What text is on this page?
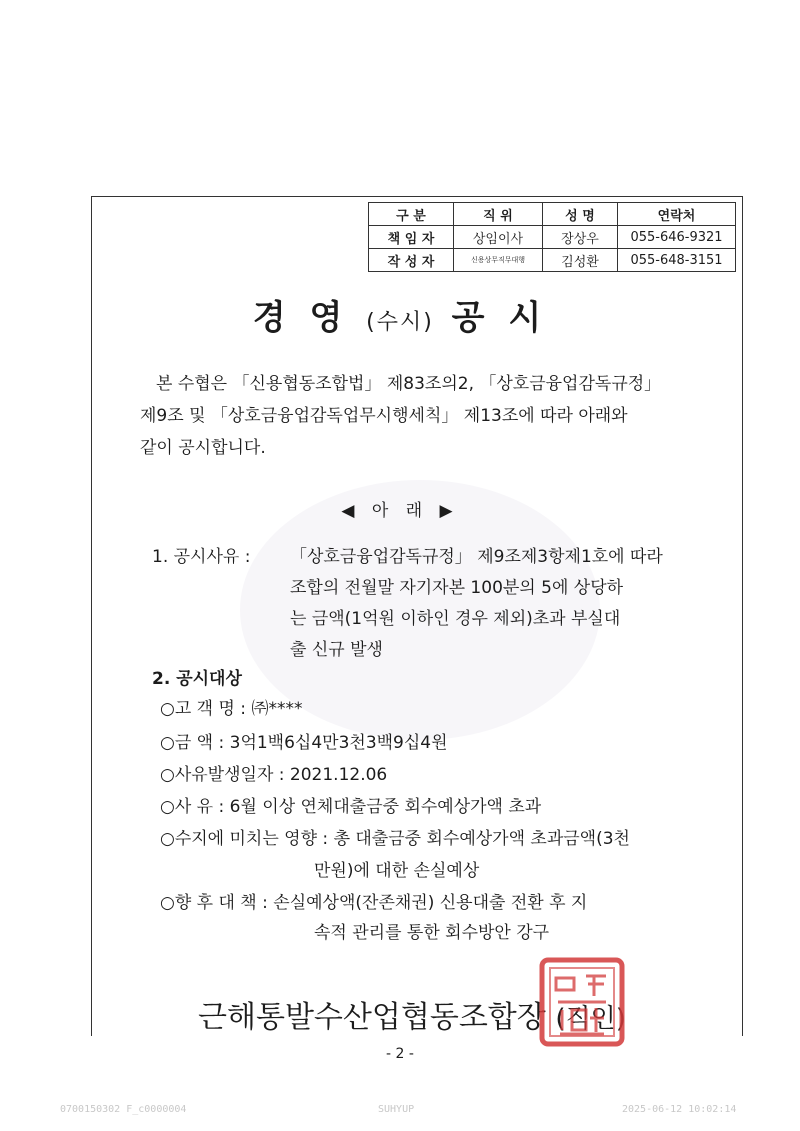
구 분	직 위	성 명	연락처
책 임 자	상임이사	장상우	055-646-9321
작 성 자	신용상무직무대행	김성환	055-648-3151
경 영 (수시) 공 시

본 수협은 「신용협동조합법」 제83조의2, 「상호금융업감독규정」

제9조 및 「상호금융업감독업무시행세칙」 제13조에 따라 아래와

같이 공시합니다.

◀ 아 래 ▶
1. 공시사유 : 「상호금융업감독규정」 제9조제3항제1호에 따라

조합의 전월말 자기자본 100분의 5에 상당하

는 금액(1억원 이하인 경우 제외)초과 부실대

출 신규 발생

2. 공시대상
○고 객 명 : ㈜****
○금 액 : 3억1백6십4만3천3백9십4원
○사유발생일자 : 2021.12.06
○사 유 : 6월 이상 연체대출금중 회수예상가액 초과
○수지에 미치는 영향 : 총 대출금중 회수예상가액 초과금액(3천
만원)에 대한 손실예상
○향 후 대 책 : 손실예상액(잔존채권) 신용대출 전환 후 지
속적 관리를 통한 회수방안 강구
근해통발수산업협동조합장 (직인)
- 2 -
0700150302 F_c0000004	SUHYUP	2025-06-12 10:02:14
